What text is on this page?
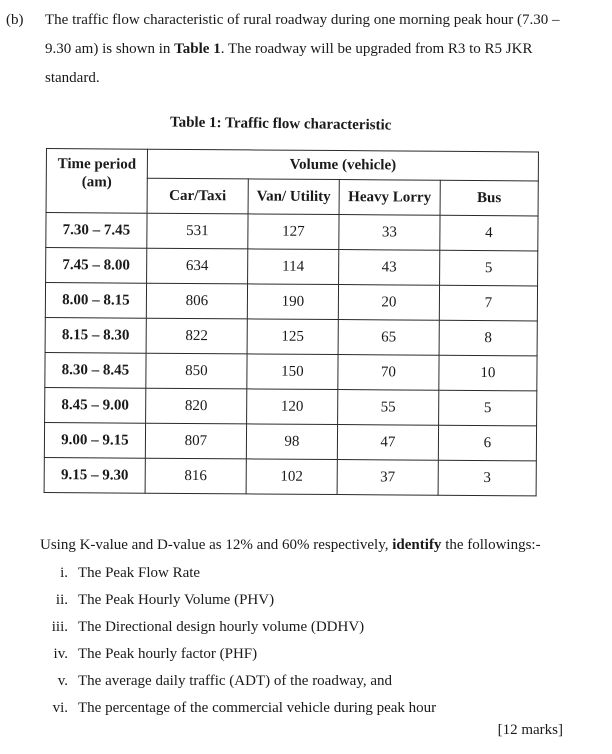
(b) The traffic flow characteristic of rural roadway during one morning peak hour (7.30 – 9.30 am) is shown in Table 1. The roadway will be upgraded from R3 to R5 JKR standard.
Table 1: Traffic flow characteristic
Time period (am)	Volume (vehicle)			
	Car/Taxi	Van/ Utility	Heavy Lorry	Bus
7.30 – 7.45	531	127	33	4
7.45 – 8.00	634	114	43	5
8.00 – 8.15	806	190	20	7
8.15 – 8.30	822	125	65	8
8.30 – 8.45	850	150	70	10
8.45 – 9.00	820	120	55	5
9.00 – 9.15	807	98	47	6
9.15 – 9.30	816	102	37	3
Using K-value and D-value as 12% and 60% respectively, identify the followings:-
i. The Peak Flow Rate
ii. The Peak Hourly Volume (PHV)
iii. The Directional design hourly volume (DDHV)
iv. The Peak hourly factor (PHF)
v. The average daily traffic (ADT) of the roadway, and
vi. The percentage of the commercial vehicle during peak hour
[12 marks]
